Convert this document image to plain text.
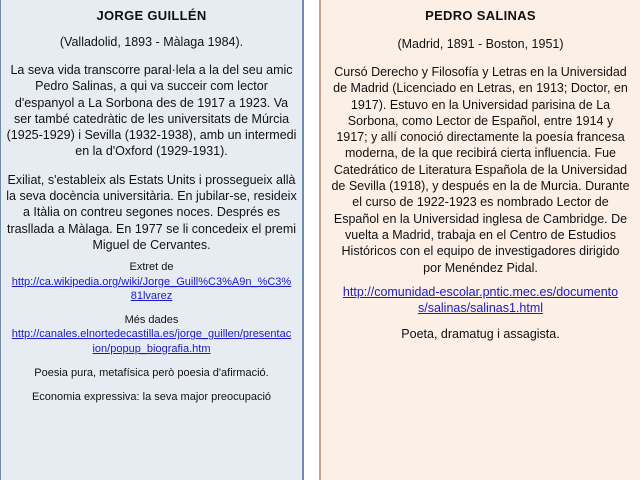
JORGE GUILLÉN
(Valladolid, 1893 - Màlaga 1984).
La seva vida transcorre paral·lela a la del seu amic Pedro Salinas, a qui va succeir com lector d'espanyol a La Sorbona des de 1917 a 1923. Va ser també catedràtic de les universitats de Múrcia (1925-1929) i Sevilla (1932-1938), amb un intermedi en la d'Oxford (1929-1931).
Exiliat, s'estableix als Estats Units i prossegueix allà la seva docència universitària. En jubilar-se, resideix a Itàlia on contreu segones noces. Després es trasllada a Màlaga. En 1977 se li concedeix el premi Miguel de Cervantes.
Extret de
http://ca.wikipedia.org/wiki/Jorge_Guill%C3%A9n_%C3%81lvarez
Més dades
http://canales.elnortedecastilla.es/jorge_guillen/presentacion/popup_biografia.htm
Poesia pura, metafísica però poesia d'afirmació.
Economia expressiva: la seva major preocupació
PEDRO SALINAS
(Madrid, 1891 - Boston, 1951)
Cursó Derecho y Filosofía y Letras en la Universidad de Madrid (Licenciado en Letras, en 1913; Doctor, en 1917). Estuvo en la Universidad parisina de La Sorbona, como Lector de Español, entre 1914 y 1917; y allí conoció directamente la poesía francesa moderna, de la que recibirá cierta influencia. Fue Catedrático de Literatura Española de la Universidad de Sevilla (1918), y después en la de Murcia. Durante el curso de 1922-1923 es nombrado Lector de Español en la Universidad inglesa de Cambridge. De vuelta a Madrid, trabaja en el Centro de Estudios Históricos con el equipo de investigadores dirigido por Menéndez Pidal.
http://comunidad-escolar.pntic.mec.es/documentos/salinas/salinas1.html
Poeta, dramatug i assagista.
